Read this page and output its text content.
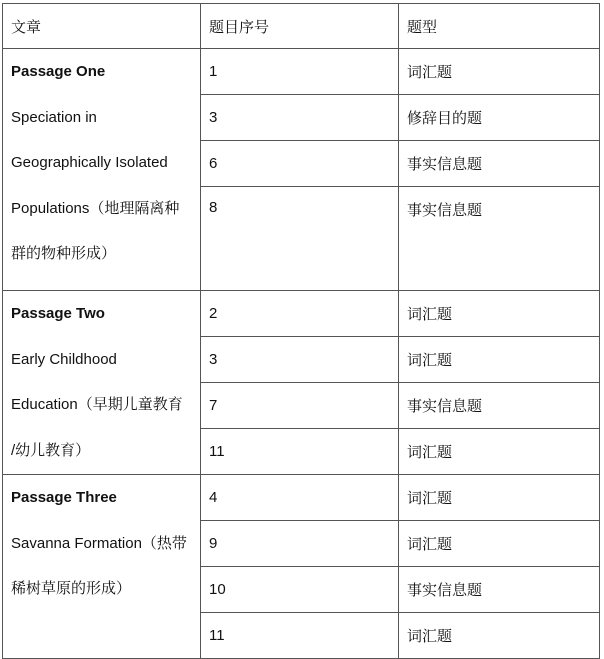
文章	题目序号	题型

Passage One
Speciation in
Geographically Isolated
Populations（地理隔离种
群的物种形成）	1	词汇题
	3	修辞目的题
	6	事实信息题
	8	事实信息题

Passage Two
Early Childhood
Education（早期儿童教育
/幼儿教育）	2	词汇题
	3	词汇题
	7	事实信息题
	11	词汇题

Passage Three
Savanna Formation（热带
稀树草原的形成）	4	词汇题
	9	词汇题
	10	事实信息题
	11	词汇题
